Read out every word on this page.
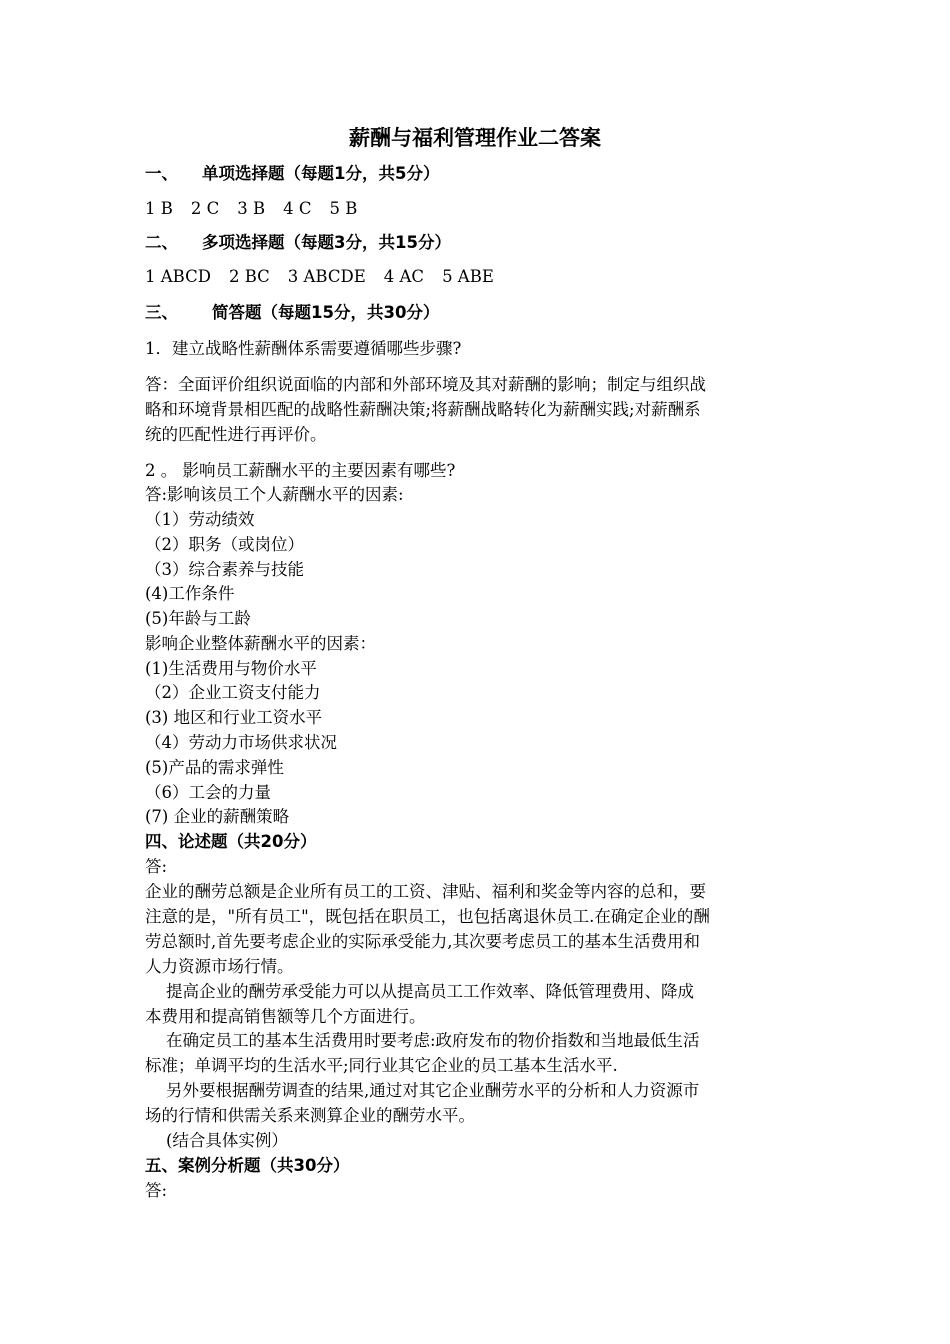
薪酬与福利管理作业二答案
一、 单项选择题（每题1分，共5分）
1 B 2 C 3 B 4 C 5 B
二、 多项选择题（每题3分，共15分）
1 ABCD 2 BC 3 ABCDE 4 AC 5 ABE
三、 简答题（每题15分，共30分）
1．建立战略性薪酬体系需要遵循哪些步骤?
答：全面评价组织说面临的内部和外部环境及其对薪酬的影响；制定与组织战
略和环境背景相匹配的战略性薪酬决策;将薪酬战略转化为薪酬实践;对薪酬系
统的匹配性进行再评价。
2 。 影响员工薪酬水平的主要因素有哪些?
答:影响该员工个人薪酬水平的因素:
（1）劳动绩效
（2）职务（或岗位）
（3）综合素养与技能
(4)工作条件
(5)年龄与工龄
影响企业整体薪酬水平的因素：
(1)生活费用与物价水平
（2）企业工资支付能力
(3) 地区和行业工资水平
（4）劳动力市场供求状况
(5)产品的需求弹性
（6）工会的力量
(7) 企业的薪酬策略
四、论述题（共20分）
答:
企业的酬劳总额是企业所有员工的工资、津贴、福利和奖金等内容的总和，要
注意的是，"所有员工"，既包括在职员工，也包括离退休员工.在确定企业的酬
劳总额时,首先要考虑企业的实际承受能力,其次要考虑员工的基本生活费用和
人力资源市场行情。
提高企业的酬劳承受能力可以从提高员工工作效率、降低管理费用、降成
本费用和提高销售额等几个方面进行。
在确定员工的基本生活费用时要考虑:政府发布的物价指数和当地最低生活
标准；单调平均的生活水平;同行业其它企业的员工基本生活水平.
另外要根据酬劳调查的结果,通过对其它企业酬劳水平的分析和人力资源市
场的行情和供需关系来测算企业的酬劳水平。
(结合具体实例）
五、案例分析题（共30分）
答:
